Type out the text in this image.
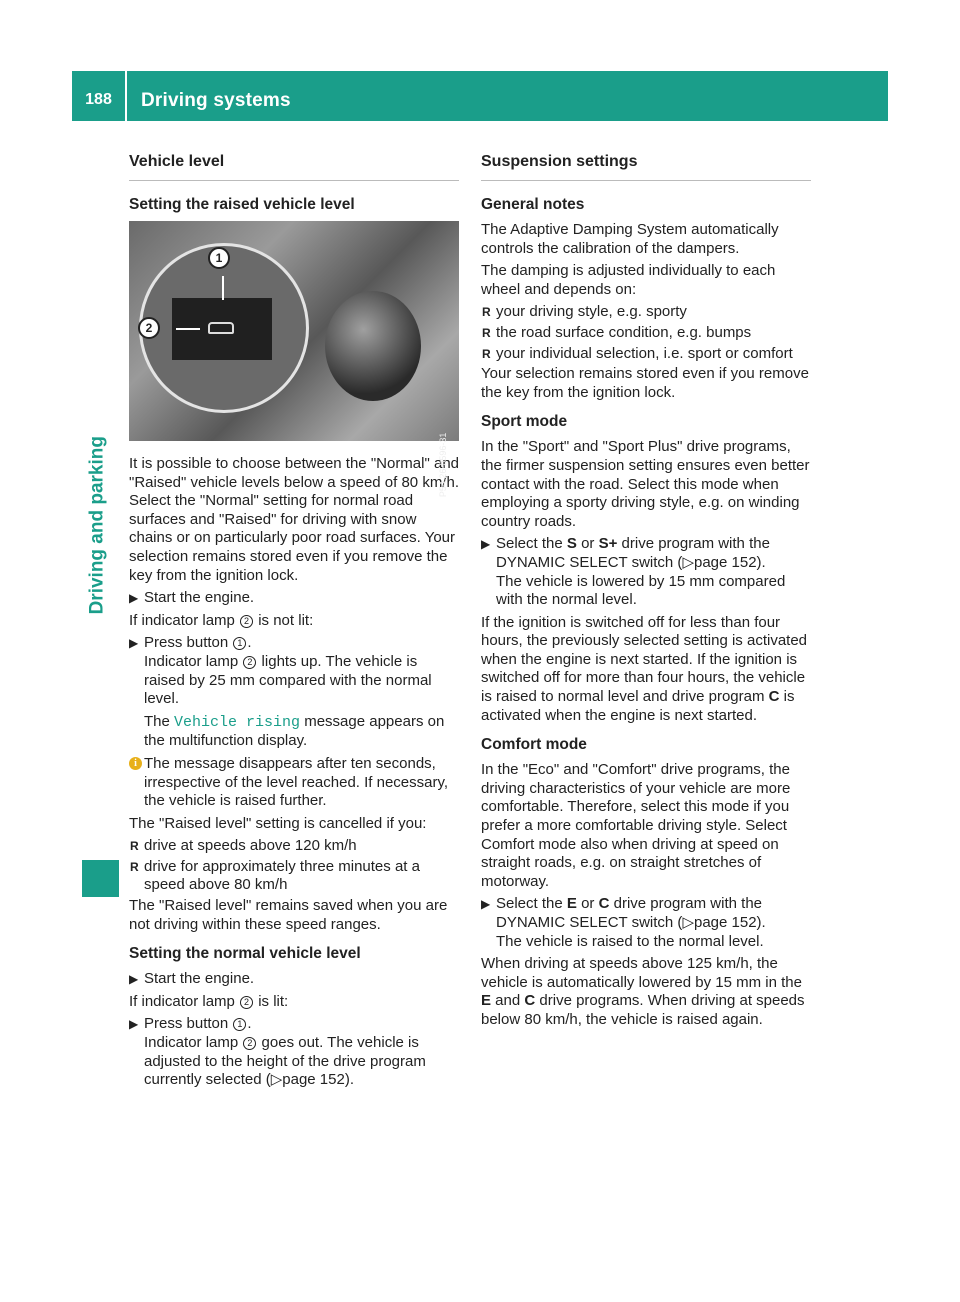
188	Driving systems
Driving and parking
Vehicle level
Setting the raised vehicle level
1
2
P54.26-0596-31
It is possible to choose between the "Normal" and "Raised" vehicle levels below a speed of 80 km/h. Select the "Normal" setting for normal road surfaces and "Raised" for driving with snow chains or on particularly poor road surfaces. Your selection remains stored even if you remove the key from the ignition lock.
▶ Start the engine.
If indicator lamp 2 is not lit:
▶ Press button 1 .
Indicator lamp 2 lights up. The vehicle is raised by 25 mm compared with the normal level.
The Vehicle rising message appears on the multifunction display.
i The message disappears after ten seconds, irrespective of the level reached. If necessary, the vehicle is raised further.
The "Raised level" setting is cancelled if you:
R drive at speeds above 120 km/h
R drive for approximately three minutes at a speed above 80 km/h
The "Raised level" remains saved when you are not driving within these speed ranges.
Setting the normal vehicle level
▶ Start the engine.
If indicator lamp 2 is lit:
▶ Press button 1 .
Indicator lamp 2 goes out. The vehicle is adjusted to the height of the drive program currently selected (▷page 152).
Suspension settings
General notes
The Adaptive Damping System automatically controls the calibration of the dampers.
The damping is adjusted individually to each wheel and depends on:
R your driving style, e.g. sporty
R the road surface condition, e.g. bumps
R your individual selection, i.e. sport or comfort
Your selection remains stored even if you remove the key from the ignition lock.
Sport mode
In the "Sport" and "Sport Plus" drive programs, the firmer suspension setting ensures even better contact with the road. Select this mode when employing a sporty driving style, e.g. on winding country roads.
▶ Select the S or S+ drive program with the DYNAMIC SELECT switch (▷page 152).
The vehicle is lowered by 15 mm compared with the normal level.
If the ignition is switched off for less than four hours, the previously selected setting is activated when the engine is next started. If the ignition is switched off for more than four hours, the vehicle is raised to normal level and drive program C is activated when the engine is next started.
Comfort mode
In the "Eco" and "Comfort" drive programs, the driving characteristics of your vehicle are more comfortable. Therefore, select this mode if you prefer a more comfortable driving style. Select Comfort mode also when driving at speed on straight roads, e.g. on straight stretches of motorway.
▶ Select the E or C drive program with the DYNAMIC SELECT switch (▷page 152).
The vehicle is raised to the normal level.
When driving at speeds above 125 km/h, the vehicle is automatically lowered by 15 mm in the E and C drive programs. When driving at speeds below 80 km/h, the vehicle is raised again.
